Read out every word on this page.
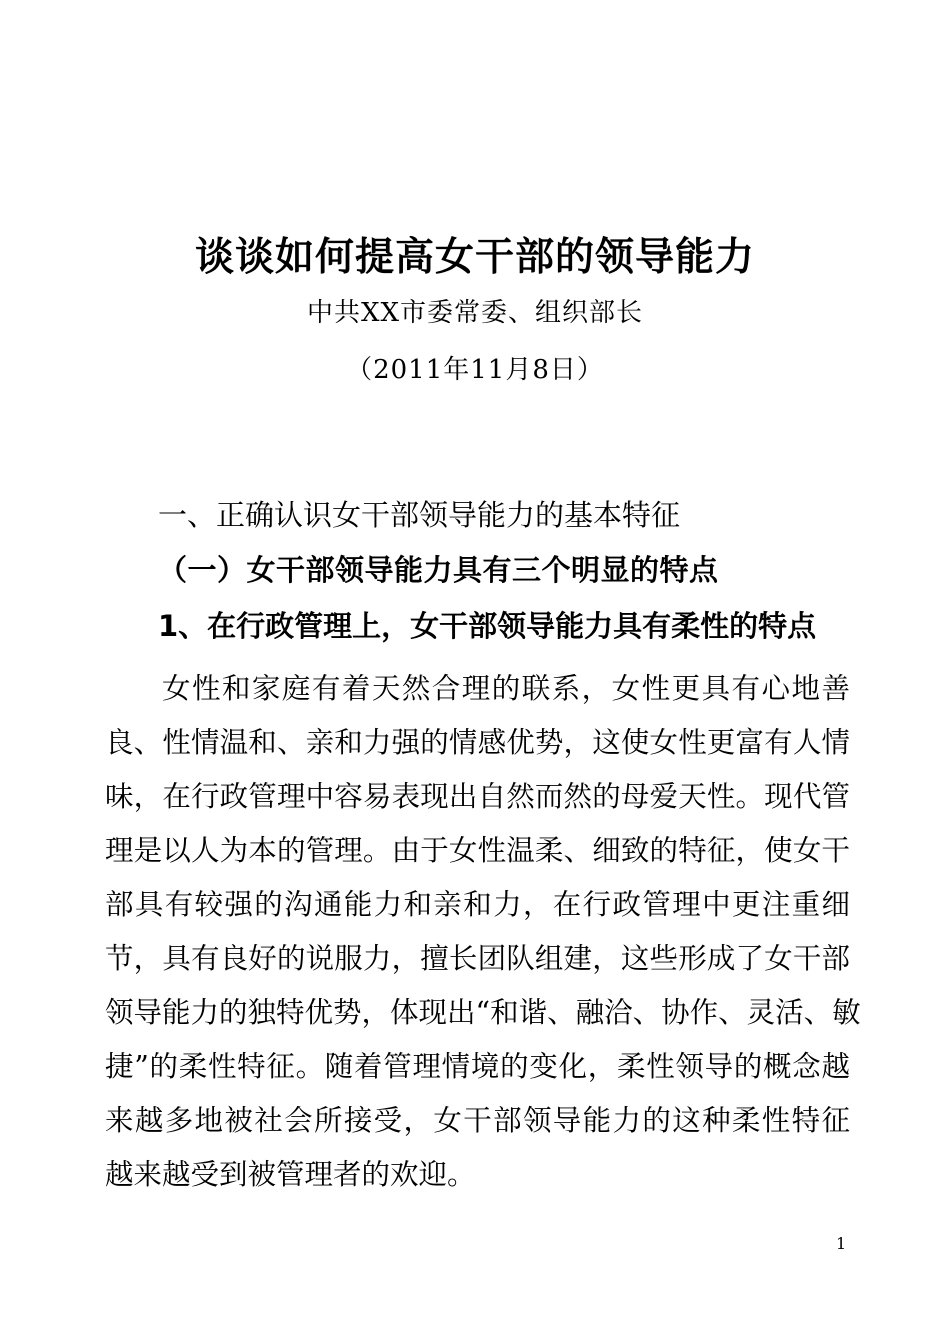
谈谈如何提高女干部的领导能力
中共XX市委常委、组织部长
（2011年11月8日）
一、正确认识女干部领导能力的基本特征
（一）女干部领导能力具有三个明显的特点
1、在行政管理上，女干部领导能力具有柔性的特点
女性和家庭有着天然合理的联系，女性更具有心地善
良、性情温和、亲和力强的情感优势，这使女性更富有人情
味，在行政管理中容易表现出自然而然的母爱天性。现代管
理是以人为本的管理。由于女性温柔、细致的特征，使女干
部具有较强的沟通能力和亲和力，在行政管理中更注重细
节，具有良好的说服力，擅长团队组建，这些形成了女干部
领导能力的独特优势，体现出“和谐、融洽、协作、灵活、敏
捷”的柔性特征。随着管理情境的变化，柔性领导的概念越
来越多地被社会所接受，女干部领导能力的这种柔性特征
越来越受到被管理者的欢迎。
1
